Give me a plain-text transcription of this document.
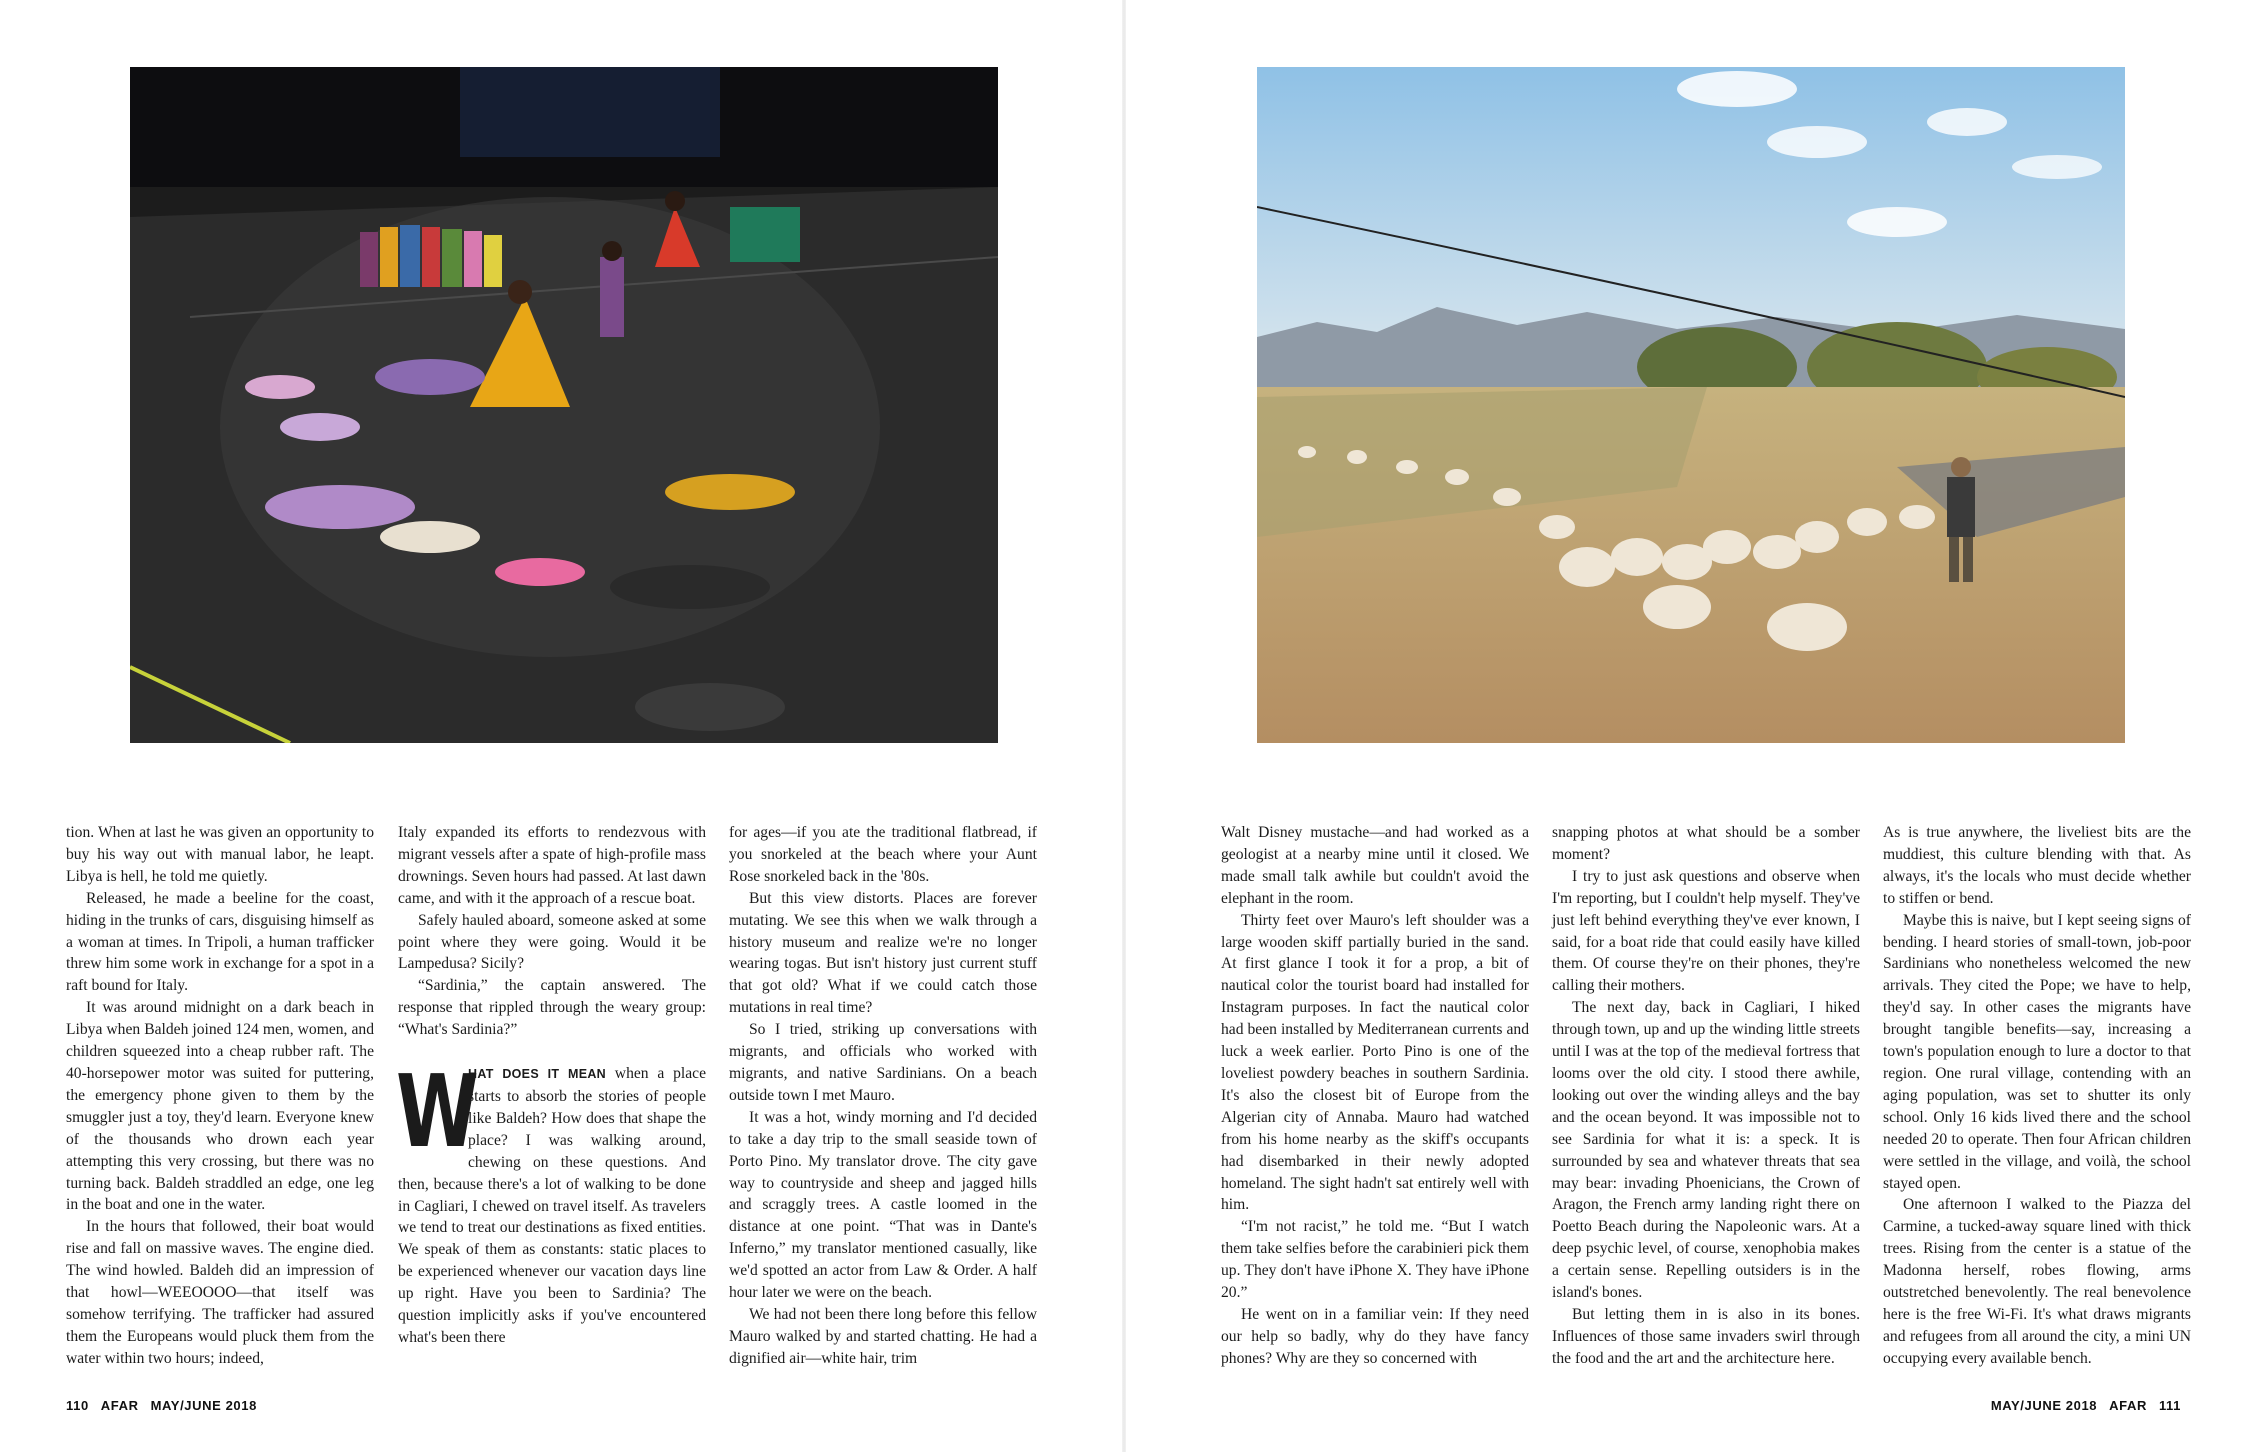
tion. When at last he was given an opportunity to buy his way out with manual labor, he leapt. Libya is hell, he told me quietly.

Released, he made a beeline for the coast, hiding in the trunks of cars, disguising himself as a woman at times. In Tripoli, a human trafficker threw him some work in exchange for a spot in a raft bound for Italy.

It was around midnight on a dark beach in Libya when Baldeh joined 124 men, women, and children squeezed into a cheap rubber raft. The 40-horsepower motor was suited for puttering, the emergency phone given to them by the smuggler just a toy, they'd learn. Everyone knew of the thousands who drown each year attempting this very crossing, but there was no turning back. Baldeh straddled an edge, one leg in the boat and one in the water.

In the hours that followed, their boat would rise and fall on massive waves. The engine died. The wind howled. Baldeh did an impression of that howl—WEEOOOO—that itself was somehow terrifying. The trafficker had assured them the Europeans would pluck them from the water within two hours; indeed,

Italy expanded its efforts to rendezvous with migrant vessels after a spate of high-profile mass drownings. Seven hours had passed. At last dawn came, and with it the approach of a rescue boat.

Safely hauled aboard, someone asked at some point where they were going. Would it be Lampedusa? Sicily?

“Sardinia,” the captain answered. The response that rippled through the weary group: “What's Sardinia?”

W
HAT DOES IT MEAN when a place starts to absorb the stories of people like Baldeh? How does that shape the place? I was walking around, chewing on these questions. And then, because there's a lot of walking to be done in Cagliari, I chewed on travel itself. As travelers we tend to treat our destinations as fixed entities. We speak of them as constants: static places to be experienced whenever our vacation days line up right. Have you been to Sardinia? The question implicitly asks if you've encountered what's been there

for ages—if you ate the traditional flatbread, if you snorkeled at the beach where your Aunt Rose snorkeled back in the '80s.

But this view distorts. Places are forever mutating. We see this when we walk through a history museum and realize we're no longer wearing togas. But isn't history just current stuff that got old? What if we could catch those mutations in real time?

So I tried, striking up conversations with migrants, and officials who worked with migrants, and native Sardinians. On a beach outside town I met Mauro.

It was a hot, windy morning and I'd decided to take a day trip to the small seaside town of Porto Pino. My translator drove. The city gave way to countryside and sheep and jagged hills and scraggly trees. A castle loomed in the distance at one point. “That was in Dante's Inferno,” my translator mentioned casually, like we'd spotted an actor from Law & Order. A half hour later we were on the beach.

We had not been there long before this fellow Mauro walked by and started chatting. He had a dignified air—white hair, trim

110 AFAR MAY/JUNE 2018

Walt Disney mustache—and had worked as a geologist at a nearby mine until it closed. We made small talk awhile but couldn't avoid the elephant in the room.

Thirty feet over Mauro's left shoulder was a large wooden skiff partially buried in the sand. At first glance I took it for a prop, a bit of nautical color the tourist board had installed for Instagram purposes. In fact the nautical color had been installed by Mediterranean currents and luck a week earlier. Porto Pino is one of the loveliest powdery beaches in southern Sardinia. It's also the closest bit of Europe from the Algerian city of Annaba. Mauro had watched from his home nearby as the skiff's occupants had disembarked in their newly adopted homeland. The sight hadn't sat entirely well with him.

“I'm not racist,” he told me. “But I watch them take selfies before the carabinieri pick them up. They don't have iPhone X. They have iPhone 20.”

He went on in a familiar vein: If they need our help so badly, why do they have fancy phones? Why are they so concerned with

snapping photos at what should be a somber moment?

I try to just ask questions and observe when I'm reporting, but I couldn't help myself. They've just left behind everything they've ever known, I said, for a boat ride that could easily have killed them. Of course they're on their phones, they're calling their mothers.

The next day, back in Cagliari, I hiked through town, up and up the winding little streets until I was at the top of the medieval fortress that looms over the old city. I stood there awhile, looking out over the winding alleys and the bay and the ocean beyond. It was impossible not to see Sardinia for what it is: a speck. It is surrounded by sea and whatever threats that sea may bear: invading Phoenicians, the Crown of Aragon, the French army landing right there on Poetto Beach during the Napoleonic wars. At a deep psychic level, of course, xenophobia makes a certain sense. Repelling outsiders is in the island's bones.

But letting them in is also in its bones. Influences of those same invaders swirl through the food and the art and the architecture here.

As is true anywhere, the liveliest bits are the muddiest, this culture blending with that. As always, it's the locals who must decide whether to stiffen or bend.

Maybe this is naive, but I kept seeing signs of bending. I heard stories of small-town, job-poor Sardinians who nonetheless welcomed the new arrivals. They cited the Pope; we have to help, they'd say. In other cases the migrants have brought tangible benefits—say, increasing a town's population enough to lure a doctor to that region. One rural village, contending with an aging population, was set to shutter its only school. Only 16 kids lived there and the school needed 20 to operate. Then four African children were settled in the village, and voilà, the school stayed open.

One afternoon I walked to the Piazza del Carmine, a tucked-away square lined with thick trees. Rising from the center is a statue of the Madonna herself, robes flowing, arms outstretched benevolently. The real benevolence here is the free Wi-Fi. It's what draws migrants and refugees from all around the city, a mini UN occupying every available bench.

MAY/JUNE 2018 AFAR 111
